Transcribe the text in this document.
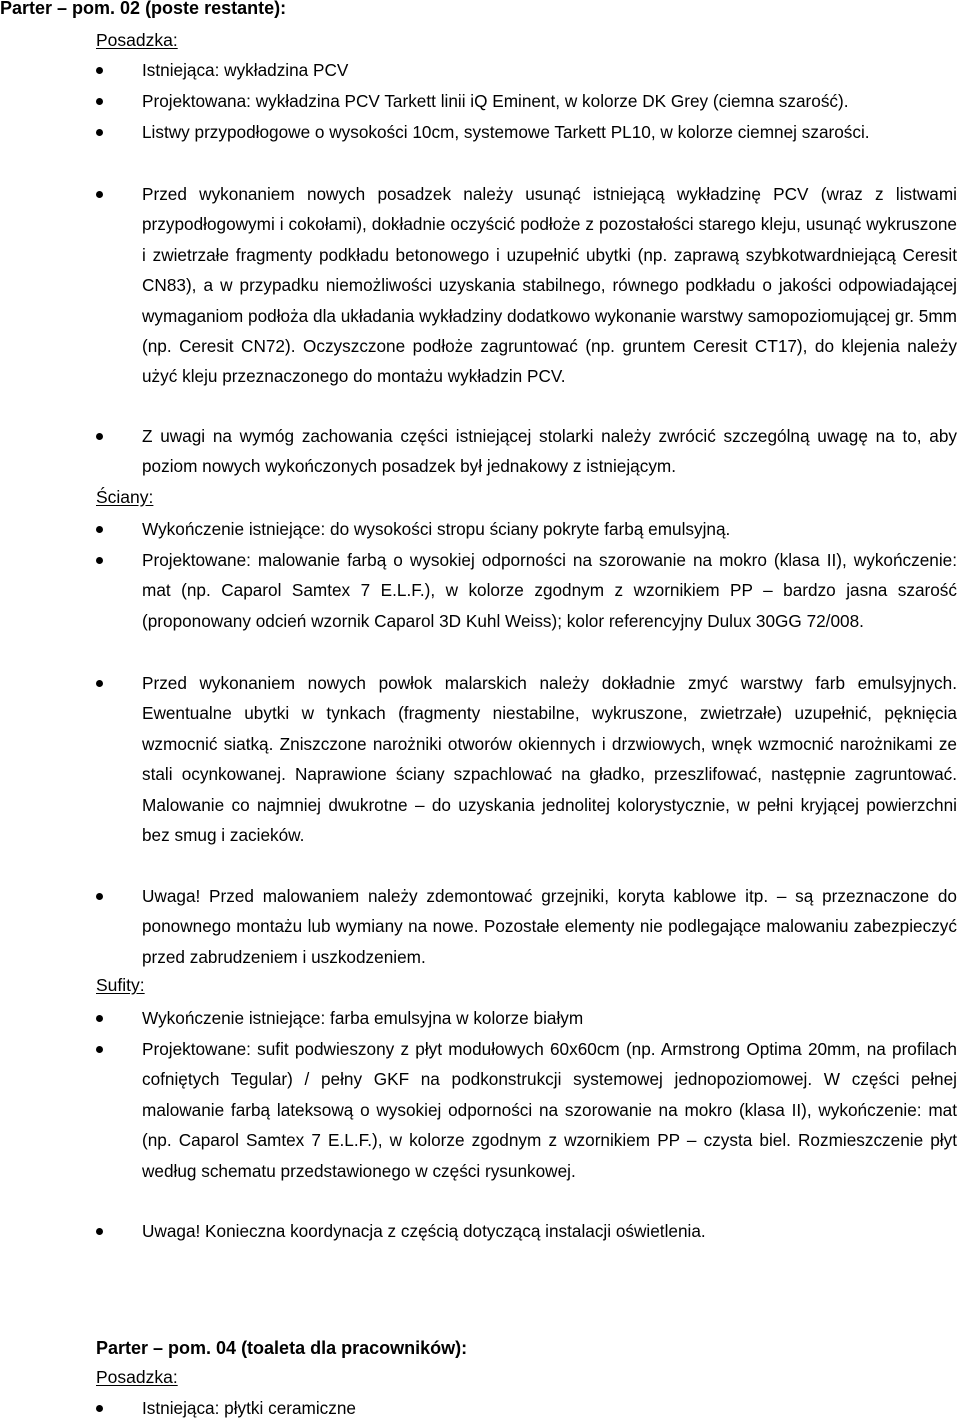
Parter – pom. 02 (poste restante):
Posadzka:
Istniejąca: wykładzina PCV
Projektowana: wykładzina PCV Tarkett linii iQ Eminent, w kolorze DK Grey (ciemna szarość).
Listwy przypodłogowe o wysokości 10cm, systemowe Tarkett PL10, w kolorze ciemnej szarości.
Przed wykonaniem nowych posadzek należy usunąć istniejącą wykładzinę PCV (wraz z listwami przypodłogowymi i cokołami), dokładnie oczyścić podłoże z pozostałości starego kleju, usunąć wykruszone i zwietrzałe fragmenty podkładu betonowego i uzupełnić ubytki (np. zaprawą szybkotwardniejącą Ceresit CN83), a w przypadku niemożliwości uzyskania stabilnego, równego podkładu o jakości odpowiadającej wymaganiom podłoża dla układania wykładziny dodatkowo wykonanie warstwy samopoziomującej gr. 5mm (np. Ceresit CN72). Oczyszczone podłoże zagruntować (np. gruntem Ceresit CT17), do klejenia należy użyć kleju przeznaczonego do montażu wykładzin PCV.
Z uwagi na wymóg zachowania części istniejącej stolarki należy zwrócić szczególną uwagę na to, aby poziom nowych wykończonych posadzek był jednakowy z istniejącym.
Ściany:
Wykończenie istniejące: do wysokości stropu ściany pokryte farbą emulsyjną.
Projektowane: malowanie farbą o wysokiej odporności na szorowanie na mokro (klasa II), wykończenie: mat (np. Caparol Samtex 7 E.L.F.), w kolorze zgodnym z wzornikiem PP – bardzo jasna szarość (proponowany odcień wzornik Caparol 3D Kuhl Weiss); kolor referencyjny Dulux 30GG 72/008.
Przed wykonaniem nowych powłok malarskich należy dokładnie zmyć warstwy farb emulsyjnych. Ewentualne ubytki w tynkach (fragmenty niestabilne, wykruszone, zwietrzałe) uzupełnić, pęknięcia wzmocnić siatką. Zniszczone narożniki otworów okiennych i drzwiowych, wnęk wzmocnić narożnikami ze stali ocynkowanej. Naprawione ściany szpachlować na gładko, przeszlifować, następnie zagruntować. Malowanie co najmniej dwukrotne – do uzyskania jednolitej kolorystycznie, w pełni kryjącej powierzchni bez smug i zacieków.
Uwaga! Przed malowaniem należy zdemontować grzejniki, koryta kablowe itp. – są przeznaczone do ponownego montażu lub wymiany na nowe. Pozostałe elementy nie podlegające malowaniu zabezpieczyć przed zabrudzeniem i uszkodzeniem.
Sufity:
Wykończenie istniejące: farba emulsyjna w kolorze białym
Projektowane: sufit podwieszony z płyt modułowych 60x60cm (np. Armstrong Optima 20mm, na profilach cofniętych Tegular) / pełny GKF na podkonstrukcji systemowej jednopoziomowej. W części pełnej malowanie farbą lateksową o wysokiej odporności na szorowanie na mokro (klasa II), wykończenie: mat (np. Caparol Samtex 7 E.L.F.), w kolorze zgodnym z wzornikiem PP – czysta biel. Rozmieszczenie płyt według schematu przedstawionego w części rysunkowej.
Uwaga! Konieczna koordynacja z częścią dotyczącą instalacji oświetlenia.
Parter – pom. 04 (toaleta dla pracowników):
Posadzka:
Istniejąca: płytki ceramiczne
